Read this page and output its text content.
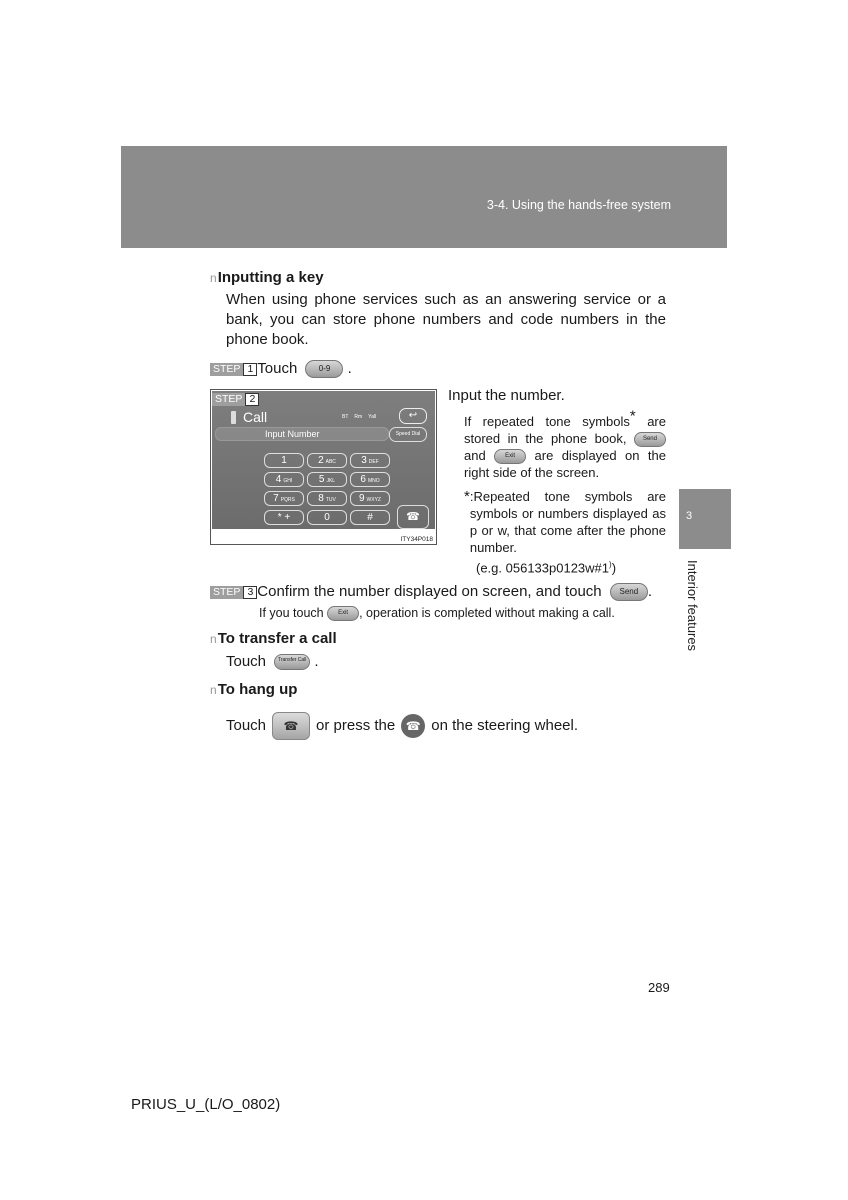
3-4. Using the hands-free system
3
Interior features
nInputting a key
When using phone services such as an answering service or a bank, you can store phone numbers and code numbers in the phone book.
STEP 1 Touch	0-9 .
STEP 2
Call	BT Rm Yall	↩
Input Number	Speed Dial
1	2 ABC	3 DEF
4 GHI	5 JKL	6 MNO
7 PQRS	8 TUV	9 WXYZ
* +	0	#	☎
ITY34P018
Input the number.
If repeated tone symbols* are stored in the phone book,	Send and	Exit are displayed on the right side of the screen.
* :Repeated tone symbols are symbols or numbers displayed as p or w, that come after the phone number.
(e.g. 056133p0123w#1))
STEP 3 Confirm the number displayed on screen, and touch Send .
If you touch Exit , operation is completed without making a call.
nTo transfer a call
Touch Transfer Call .
nTo hang up
Touch	☎	or press the ☎ on the steering wheel.
289
PRIUS_U_(L/O_0802)
